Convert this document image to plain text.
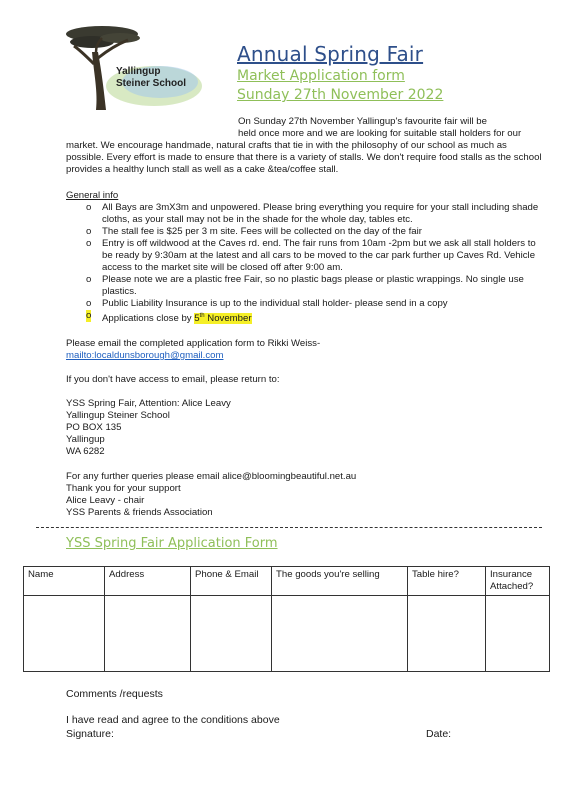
Yallingup
Steiner School
Annual Spring Fair
Market Application form
Sunday 27th November 2022
On Sunday 27th November Yallingup's favourite fair will be
held once more and we are looking for suitable stall holders for our market. We encourage handmade, natural crafts that tie in with the philosophy of our school as much as possible. Every effort is made to ensure that there is a variety of stalls. We don't require food stalls as the school provides a healthy lunch stall as well as a cake &tea/coffee stall.
General info
o All Bays are 3mX3m and unpowered. Please bring everything you require for your stall including shade cloths, as your stall may not be in the shade for the whole day, tables etc.
o The stall fee is $25 per 3 m site. Fees will be collected on the day of the fair
o Entry is off wildwood at the Caves rd. end. The fair runs from 10am -2pm but we ask all stall holders to be ready by 9:30am at the latest and all cars to be moved to the car park further up Caves Rd. Vehicle access to the market site will be closed off after 9:00 am.
o Please note we are a plastic free Fair, so no plastic bags please or plastic wrappings. No single use plastics.
o Public Liability Insurance is up to the individual stall holder- please send in a copy
o Applications close by 5th November
Please email the completed application form to Rikki Weiss-
mailto:localdunsborough@gmail.com
If you don't have access to email, please return to:
YSS Spring Fair, Attention: Alice Leavy
Yallingup Steiner School
PO BOX 135
Yallingup
WA 6282
For any further queries please email alice@bloomingbeautiful.net.au
Thank you for your support
Alice Leavy - chair
YSS Parents & friends Association
YSS Spring Fair Application Form
Name	Address	Phone & Email	The goods you're selling	Table hire?	Insurance Attached?

Comments /requests
I have read and agree to the conditions above
Signature:	Date:
